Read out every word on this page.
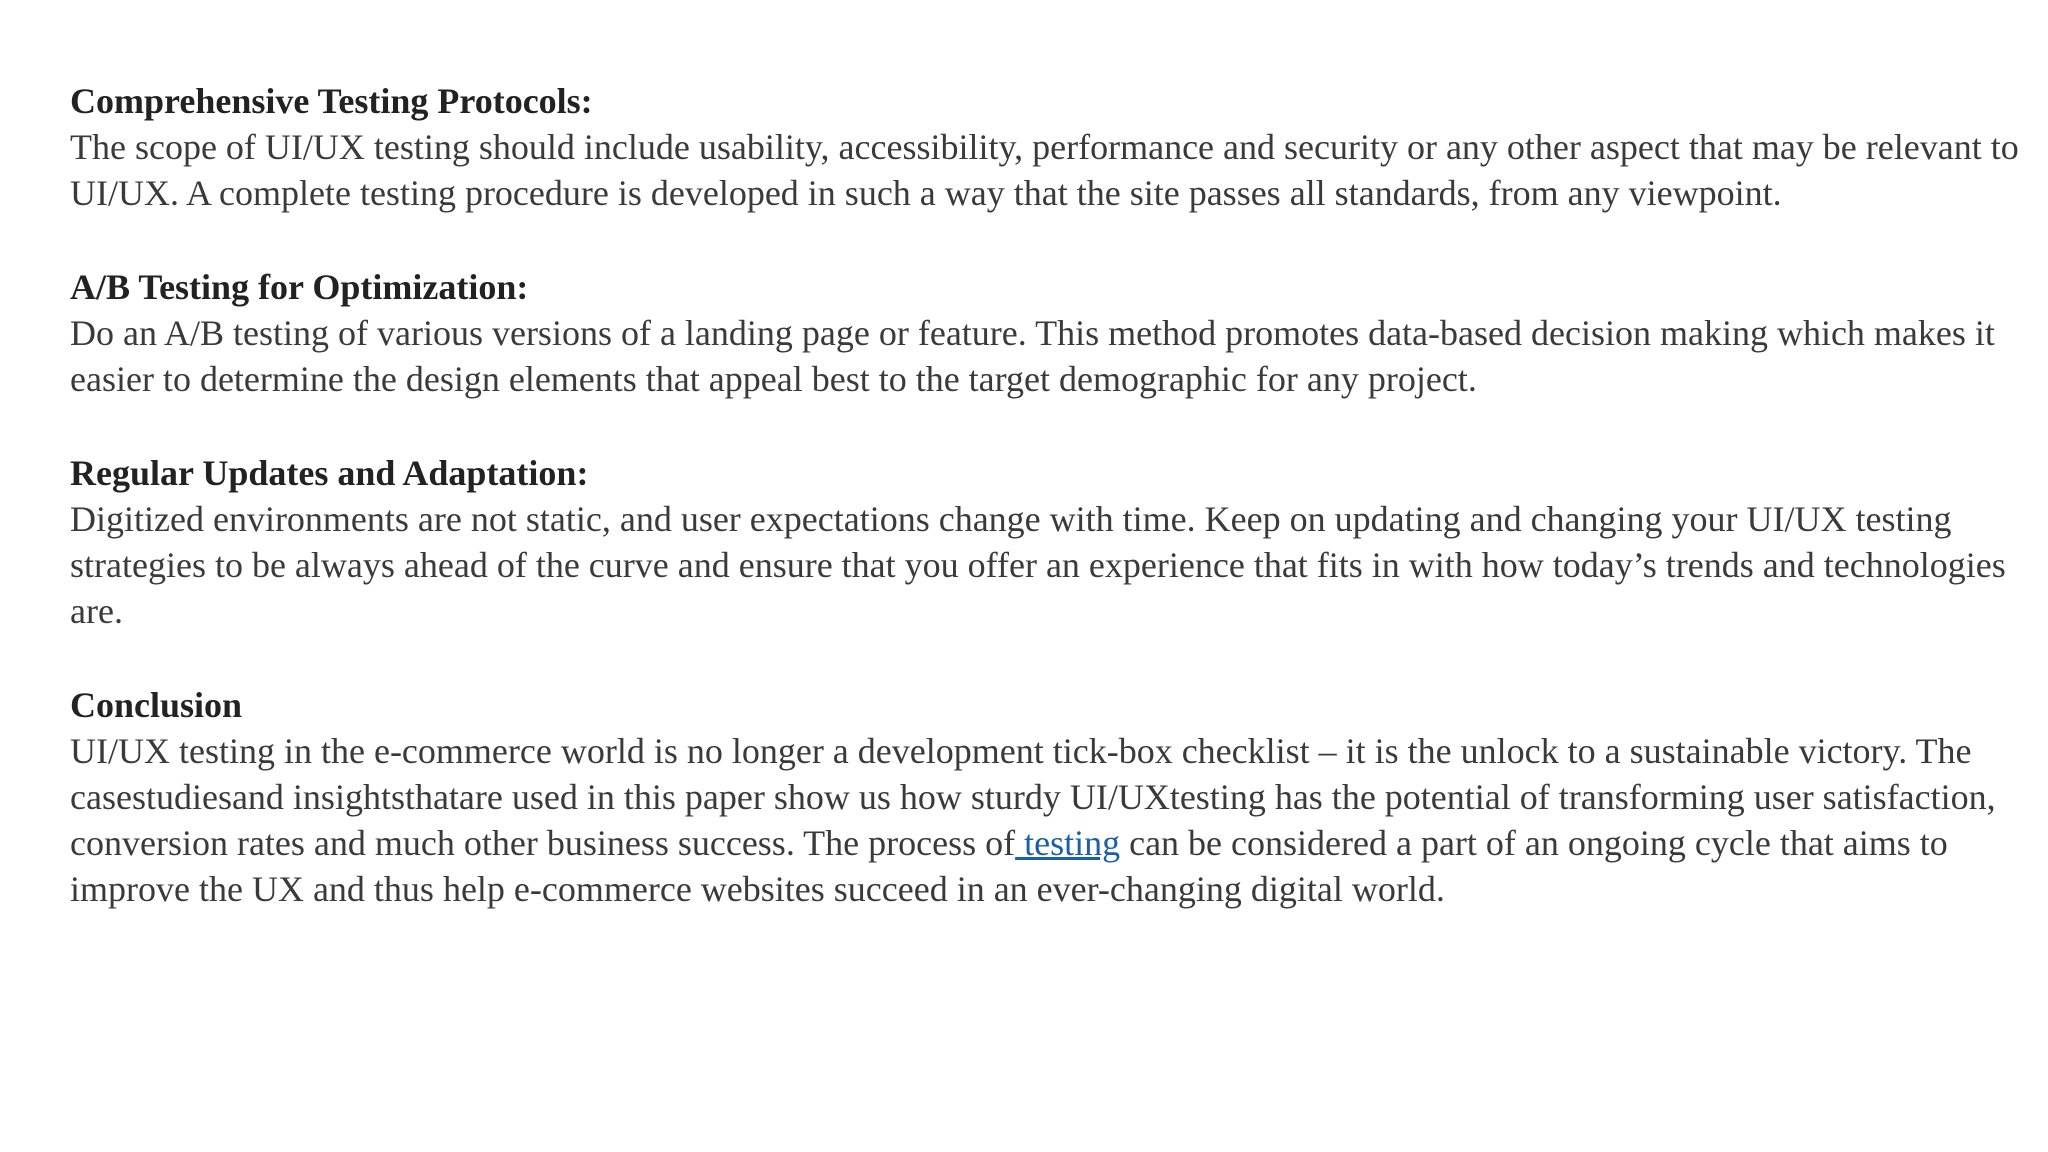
Comprehensive Testing Protocols:

The scope of UI/UX testing should include usability, accessibility, performance and security or any other aspect that may be relevant to UI/UX. A complete testing procedure is developed in such a way that the site passes all standards, from any viewpoint.

A/B Testing for Optimization:

Do an A/B testing of various versions of a landing page or feature. This method promotes data-based decision making which makes it easier to determine the design elements that appeal best to the target demographic for any project.

Regular Updates and Adaptation:

Digitized environments are not static, and user expectations change with time. Keep on updating and changing your UI/UX testing strategies to be always ahead of the curve and ensure that you offer an experience that fits in with how today’s trends and technologies are.

Conclusion

UI/UX testing in the e-commerce world is no longer a development tick-box checklist – it is the unlock to a sustainable victory. The casestudiesand insightsthatare used in this paper show us how sturdy UI/UXtesting has the potential of transforming user satisfaction, conversion rates and much other business success. The process of testing can be considered a part of an ongoing cycle that aims to improve the UX and thus help e-commerce websites succeed in an ever-changing digital world.
